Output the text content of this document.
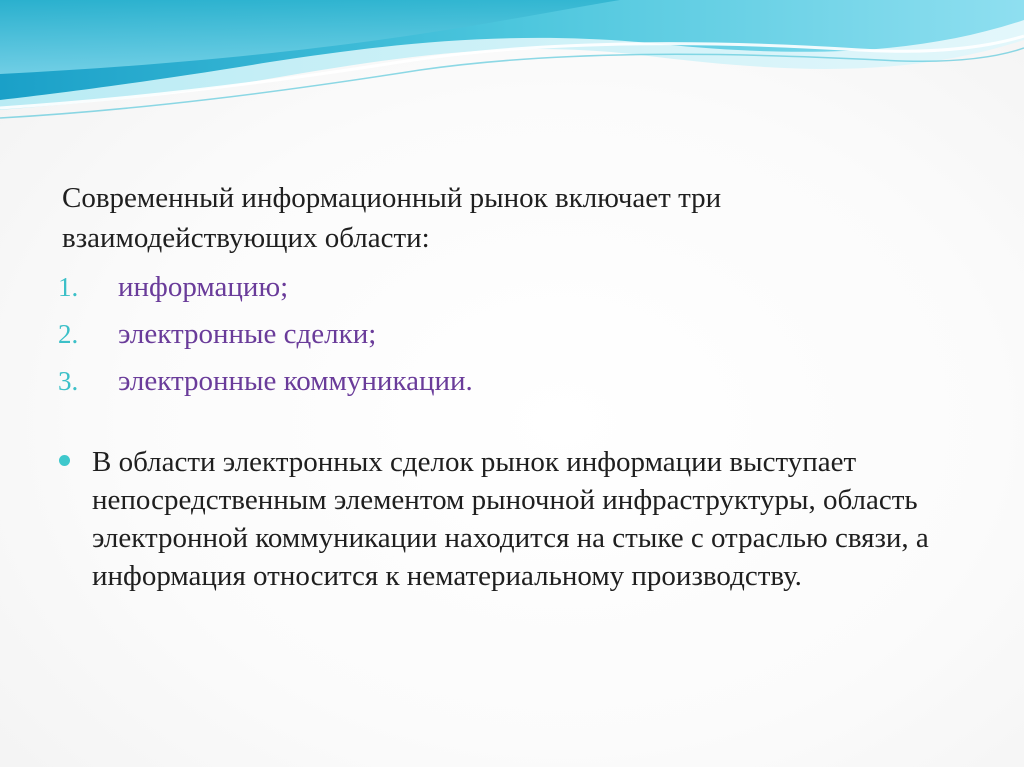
Современный информационный рынок включает три взаимодействующих области:

1. информацию;
2. электронные сделки;
3. электронные коммуникации.

В области электронных сделок рынок информации выступает непосредственным элементом рыночной инфраструктуры, область электронной коммуникации находится на стыке с отраслью связи, а информация относится к нематериальному производству.
